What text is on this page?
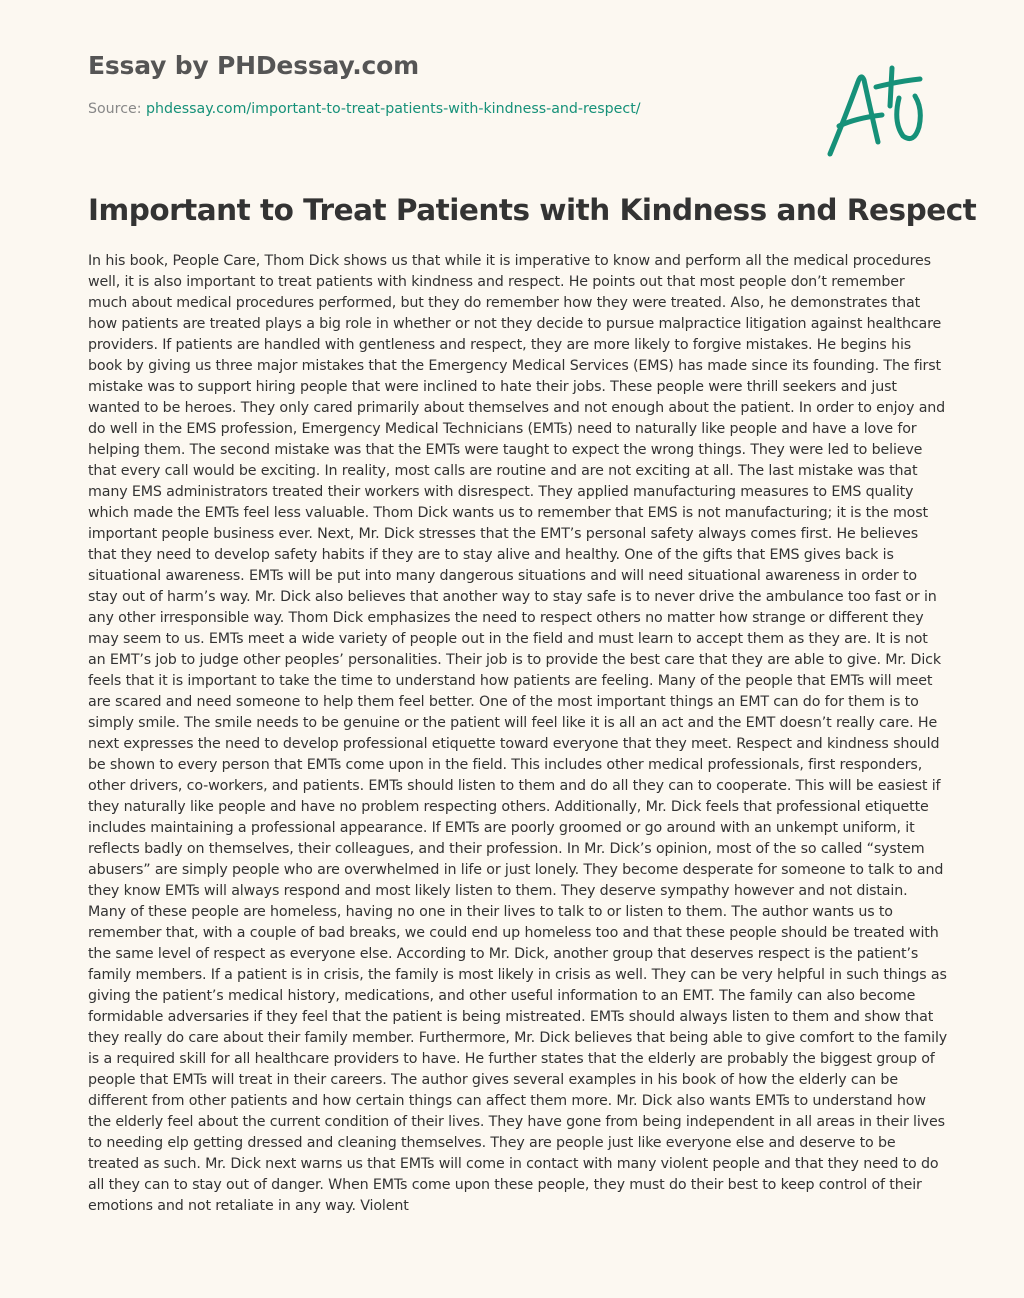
Essay by PHDessay.com
Source: phdessay.com/important-to-treat-patients-with-kindness-and-respect/
Important to Treat Patients with Kindness and Respect

In his book, People Care, Thom Dick shows us that while it is imperative to know and perform all the medical procedures well, it is also important to treat patients with kindness and respect. He points out that most people don’t remember much about medical procedures performed, but they do remember how they were treated. Also, he demonstrates that how patients are treated plays a big role in whether or not they decide to pursue malpractice litigation against healthcare providers. If patients are handled with gentleness and respect, they are more likely to forgive mistakes. He begins his book by giving us three major mistakes that the Emergency Medical Services (EMS) has made since its founding. The first mistake was to support hiring people that were inclined to hate their jobs. These people were thrill seekers and just wanted to be heroes. They only cared primarily about themselves and not enough about the patient. In order to enjoy and do well in the EMS profession, Emergency Medical Technicians (EMTs) need to naturally like people and have a love for helping them. The second mistake was that the EMTs were taught to expect the wrong things. They were led to believe that every call would be exciting. In reality, most calls are routine and are not exciting at all. The last mistake was that many EMS administrators treated their workers with disrespect. They applied manufacturing measures to EMS quality which made the EMTs feel less valuable. Thom Dick wants us to remember that EMS is not manufacturing; it is the most important people business ever. Next, Mr. Dick stresses that the EMT’s personal safety always comes first. He believes that they need to develop safety habits if they are to stay alive and healthy. One of the gifts that EMS gives back is situational awareness. EMTs will be put into many dangerous situations and will need situational awareness in order to stay out of harm’s way. Mr. Dick also believes that another way to stay safe is to never drive the ambulance too fast or in any other irresponsible way. Thom Dick emphasizes the need to respect others no matter how strange or different they may seem to us. EMTs meet a wide variety of people out in the field and must learn to accept them as they are. It is not an EMT’s job to judge other peoples’ personalities. Their job is to provide the best care that they are able to give. Mr. Dick feels that it is important to take the time to understand how patients are feeling. Many of the people that EMTs will meet are scared and need someone to help them feel better. One of the most important things an EMT can do for them is to simply smile. The smile needs to be genuine or the patient will feel like it is all an act and the EMT doesn’t really care. He next expresses the need to develop professional etiquette toward everyone that they meet. Respect and kindness should be shown to every person that EMTs come upon in the field. This includes other medical professionals, first responders, other drivers, co-workers, and patients. EMTs should listen to them and do all they can to cooperate. This will be easiest if they naturally like people and have no problem respecting others. Additionally, Mr. Dick feels that professional etiquette includes maintaining a professional appearance. If EMTs are poorly groomed or go around with an unkempt uniform, it reflects badly on themselves, their colleagues, and their profession. In Mr. Dick’s opinion, most of the so called “system abusers” are simply people who are overwhelmed in life or just lonely. They become desperate for someone to talk to and they know EMTs will always respond and most likely listen to them. They deserve sympathy however and not distain. Many of these people are homeless, having no one in their lives to talk to or listen to them. The author wants us to remember that, with a couple of bad breaks, we could end up homeless too and that these people should be treated with the same level of respect as everyone else. According to Mr. Dick, another group that deserves respect is the patient’s family members. If a patient is in crisis, the family is most likely in crisis as well. They can be very helpful in such things as giving the patient’s medical history, medications, and other useful information to an EMT. The family can also become formidable adversaries if they feel that the patient is being mistreated. EMTs should always listen to them and show that they really do care about their family member. Furthermore, Mr. Dick believes that being able to give comfort to the family is a required skill for all healthcare providers to have. He further states that the elderly are probably the biggest group of people that EMTs will treat in their careers. The author gives several examples in his book of how the elderly can be different from other patients and how certain things can affect them more. Mr. Dick also wants EMTs to understand how the elderly feel about the current condition of their lives. They have gone from being independent in all areas in their lives to needing elp getting dressed and cleaning themselves. They are people just like everyone else and deserve to be treated as such. Mr. Dick next warns us that EMTs will come in contact with many violent people and that they need to do all they can to stay out of danger. When EMTs come upon these people, they must do their best to keep control of their emotions and not retaliate in any way. Violent
